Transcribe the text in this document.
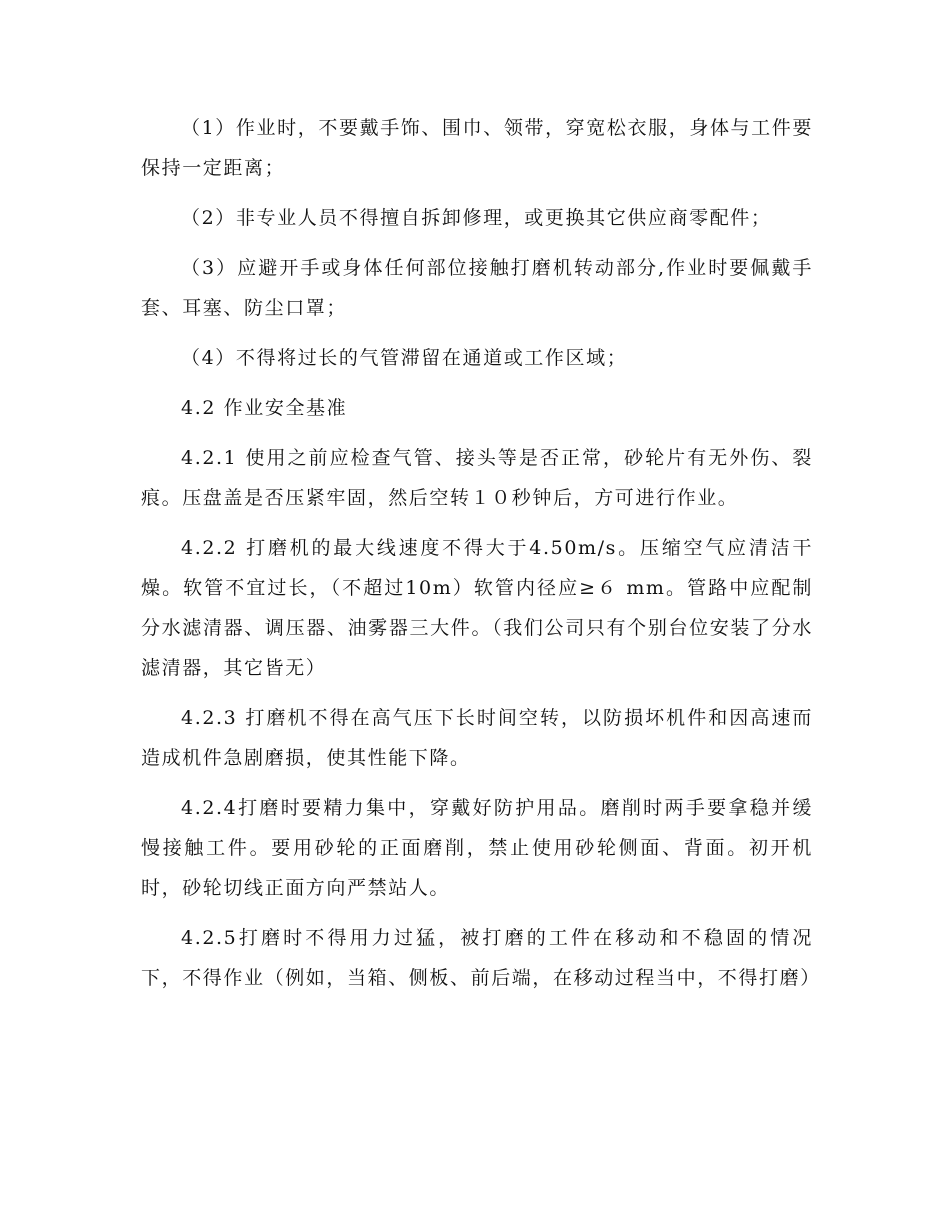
（1）作业时，不要戴手饰、围巾、领带，穿宽松衣服，身体与工件要保持一定距离；

（2）非专业人员不得擅自拆卸修理，或更换其它供应商零配件；

（3）应避开手或身体任何部位接触打磨机转动部分,作业时要佩戴手套、耳塞、防尘口罩；

（4）不得将过长的气管滞留在通道或工作区域；

4.2 作业安全基准

4.2.1 使用之前应检查气管、接头等是否正常，砂轮片有无外伤、裂痕。压盘盖是否压紧牢固，然后空转１０秒钟后，方可进行作业。

4.2.2 打磨机的最大线速度不得大于4.50m/s。压缩空气应清洁干燥。软管不宜过长，（不超过10m）软管内径应≥６ mm。管路中应配制分水滤清器、调压器、油雾器三大件。（我们公司只有个别台位安装了分水滤清器，其它皆无）

4.2.3 打磨机不得在高气压下长时间空转，以防损坏机件和因高速而造成机件急剧磨损，使其性能下降。

4.2.4打磨时要精力集中，穿戴好防护用品。磨削时两手要拿稳并缓慢接触工件。要用砂轮的正面磨削，禁止使用砂轮侧面、背面。初开机时，砂轮切线正面方向严禁站人。

4.2.5打磨时不得用力过猛，被打磨的工件在移动和不稳固的情况下，不得作业（例如，当箱、侧板、前后端，在移动过程当中，不得打磨）
